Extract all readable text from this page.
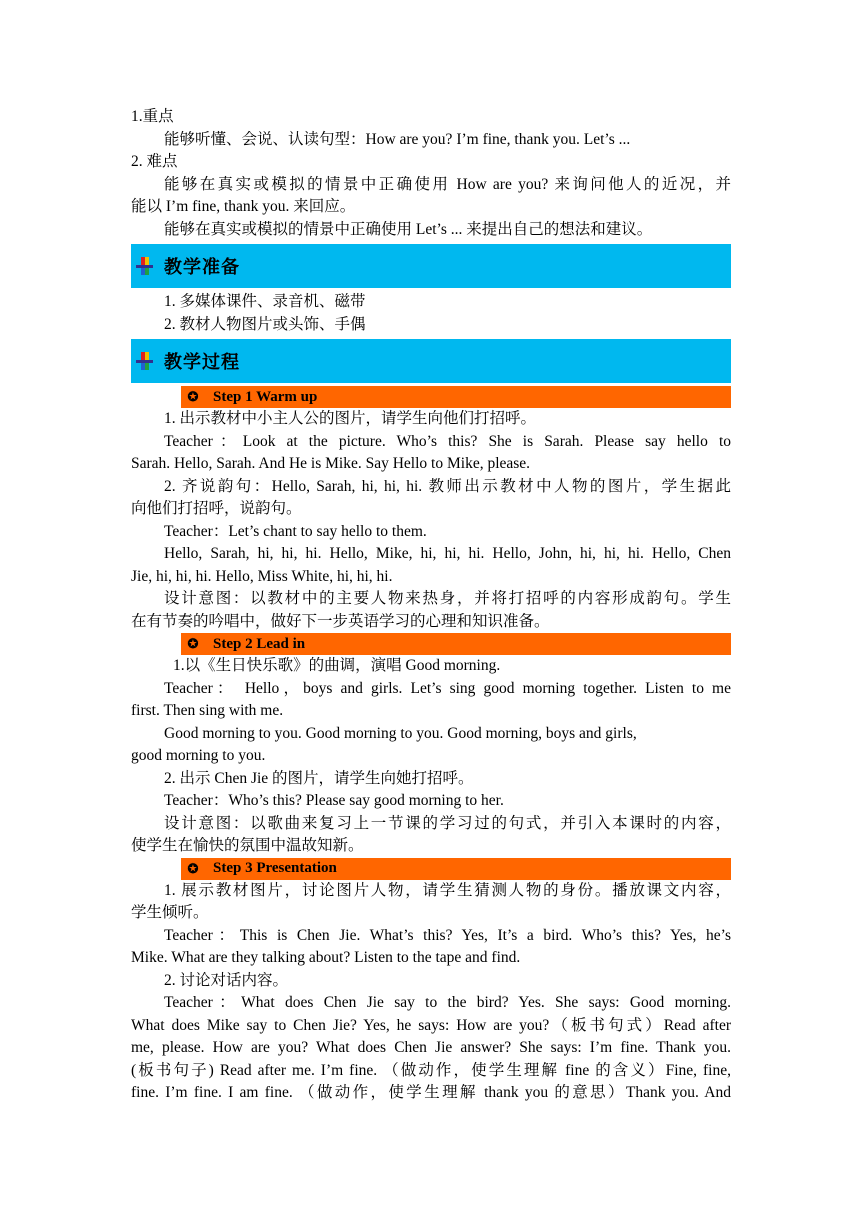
1.重点
能够听懂、会说、认读句型：How are you? I’m fine, thank you. Let’s ...
2. 难点
能够在真实或模拟的情景中正确使用 How are you? 来询问他人的近况，并
能以 I’m fine, thank you. 来回应。
能够在真实或模拟的情景中正确使用 Let’s ... 来提出自己的想法和建议。
教学准备
1. 多媒体课件、录音机、磁带
2. 教材人物图片或头饰、手偶
教学过程
✪ Step 1 Warm up
1. 出示教材中小主人公的图片，请学生向他们打招呼。
Teacher：Look at the picture. Who’s this? She is Sarah. Please say hello to
Sarah. Hello, Sarah. And He is Mike. Say Hello to Mike, please.
2. 齐说韵句：Hello, Sarah, hi, hi, hi. 教师出示教材中人物的图片，学生据此
向他们打招呼，说韵句。
Teacher：Let’s chant to say hello to them.
Hello, Sarah, hi, hi, hi. Hello, Mike, hi, hi, hi. Hello, John, hi, hi, hi. Hello, Chen
Jie, hi, hi, hi. Hello, Miss White, hi, hi, hi.
设计意图：以教材中的主要人物来热身，并将打招呼的内容形成韵句。学生
在有节奏的吟唱中，做好下一步英语学习的心理和知识准备。
✪ Step 2 Lead in
1.以《生日快乐歌》的曲调，演唱 Good morning.
Teacher： Hello，boys and girls. Let’s sing good morning together. Listen to me
first. Then sing with me.
Good morning to you. Good morning to you. Good morning, boys and girls,
good morning to you.
2. 出示 Chen Jie 的图片，请学生向她打招呼。
Teacher：Who’s this? Please say good morning to her.
设计意图：以歌曲来复习上一节课的学习过的句式，并引入本课时的内容，
使学生在愉快的氛围中温故知新。
✪ Step 3 Presentation
1. 展示教材图片，讨论图片人物，请学生猜测人物的身份。播放课文内容，
学生倾听。
Teacher：This is Chen Jie. What’s this? Yes, It’s a bird. Who’s this? Yes, he’s
Mike. What are they talking about? Listen to the tape and find.
2. 讨论对话内容。
Teacher：What does Chen Jie say to the bird? Yes. She says: Good morning.
What does Mike say to Chen Jie? Yes, he says: How are you?（板书句式）Read after
me, please. How are you? What does Chen Jie answer? She says: I’m fine. Thank you.
(板书句子) Read after me. I’m fine. （做动作，使学生理解 fine 的含义）Fine, fine,
fine. I’m fine. I am fine. （做动作，使学生理解 thank you 的意思）Thank you. And
